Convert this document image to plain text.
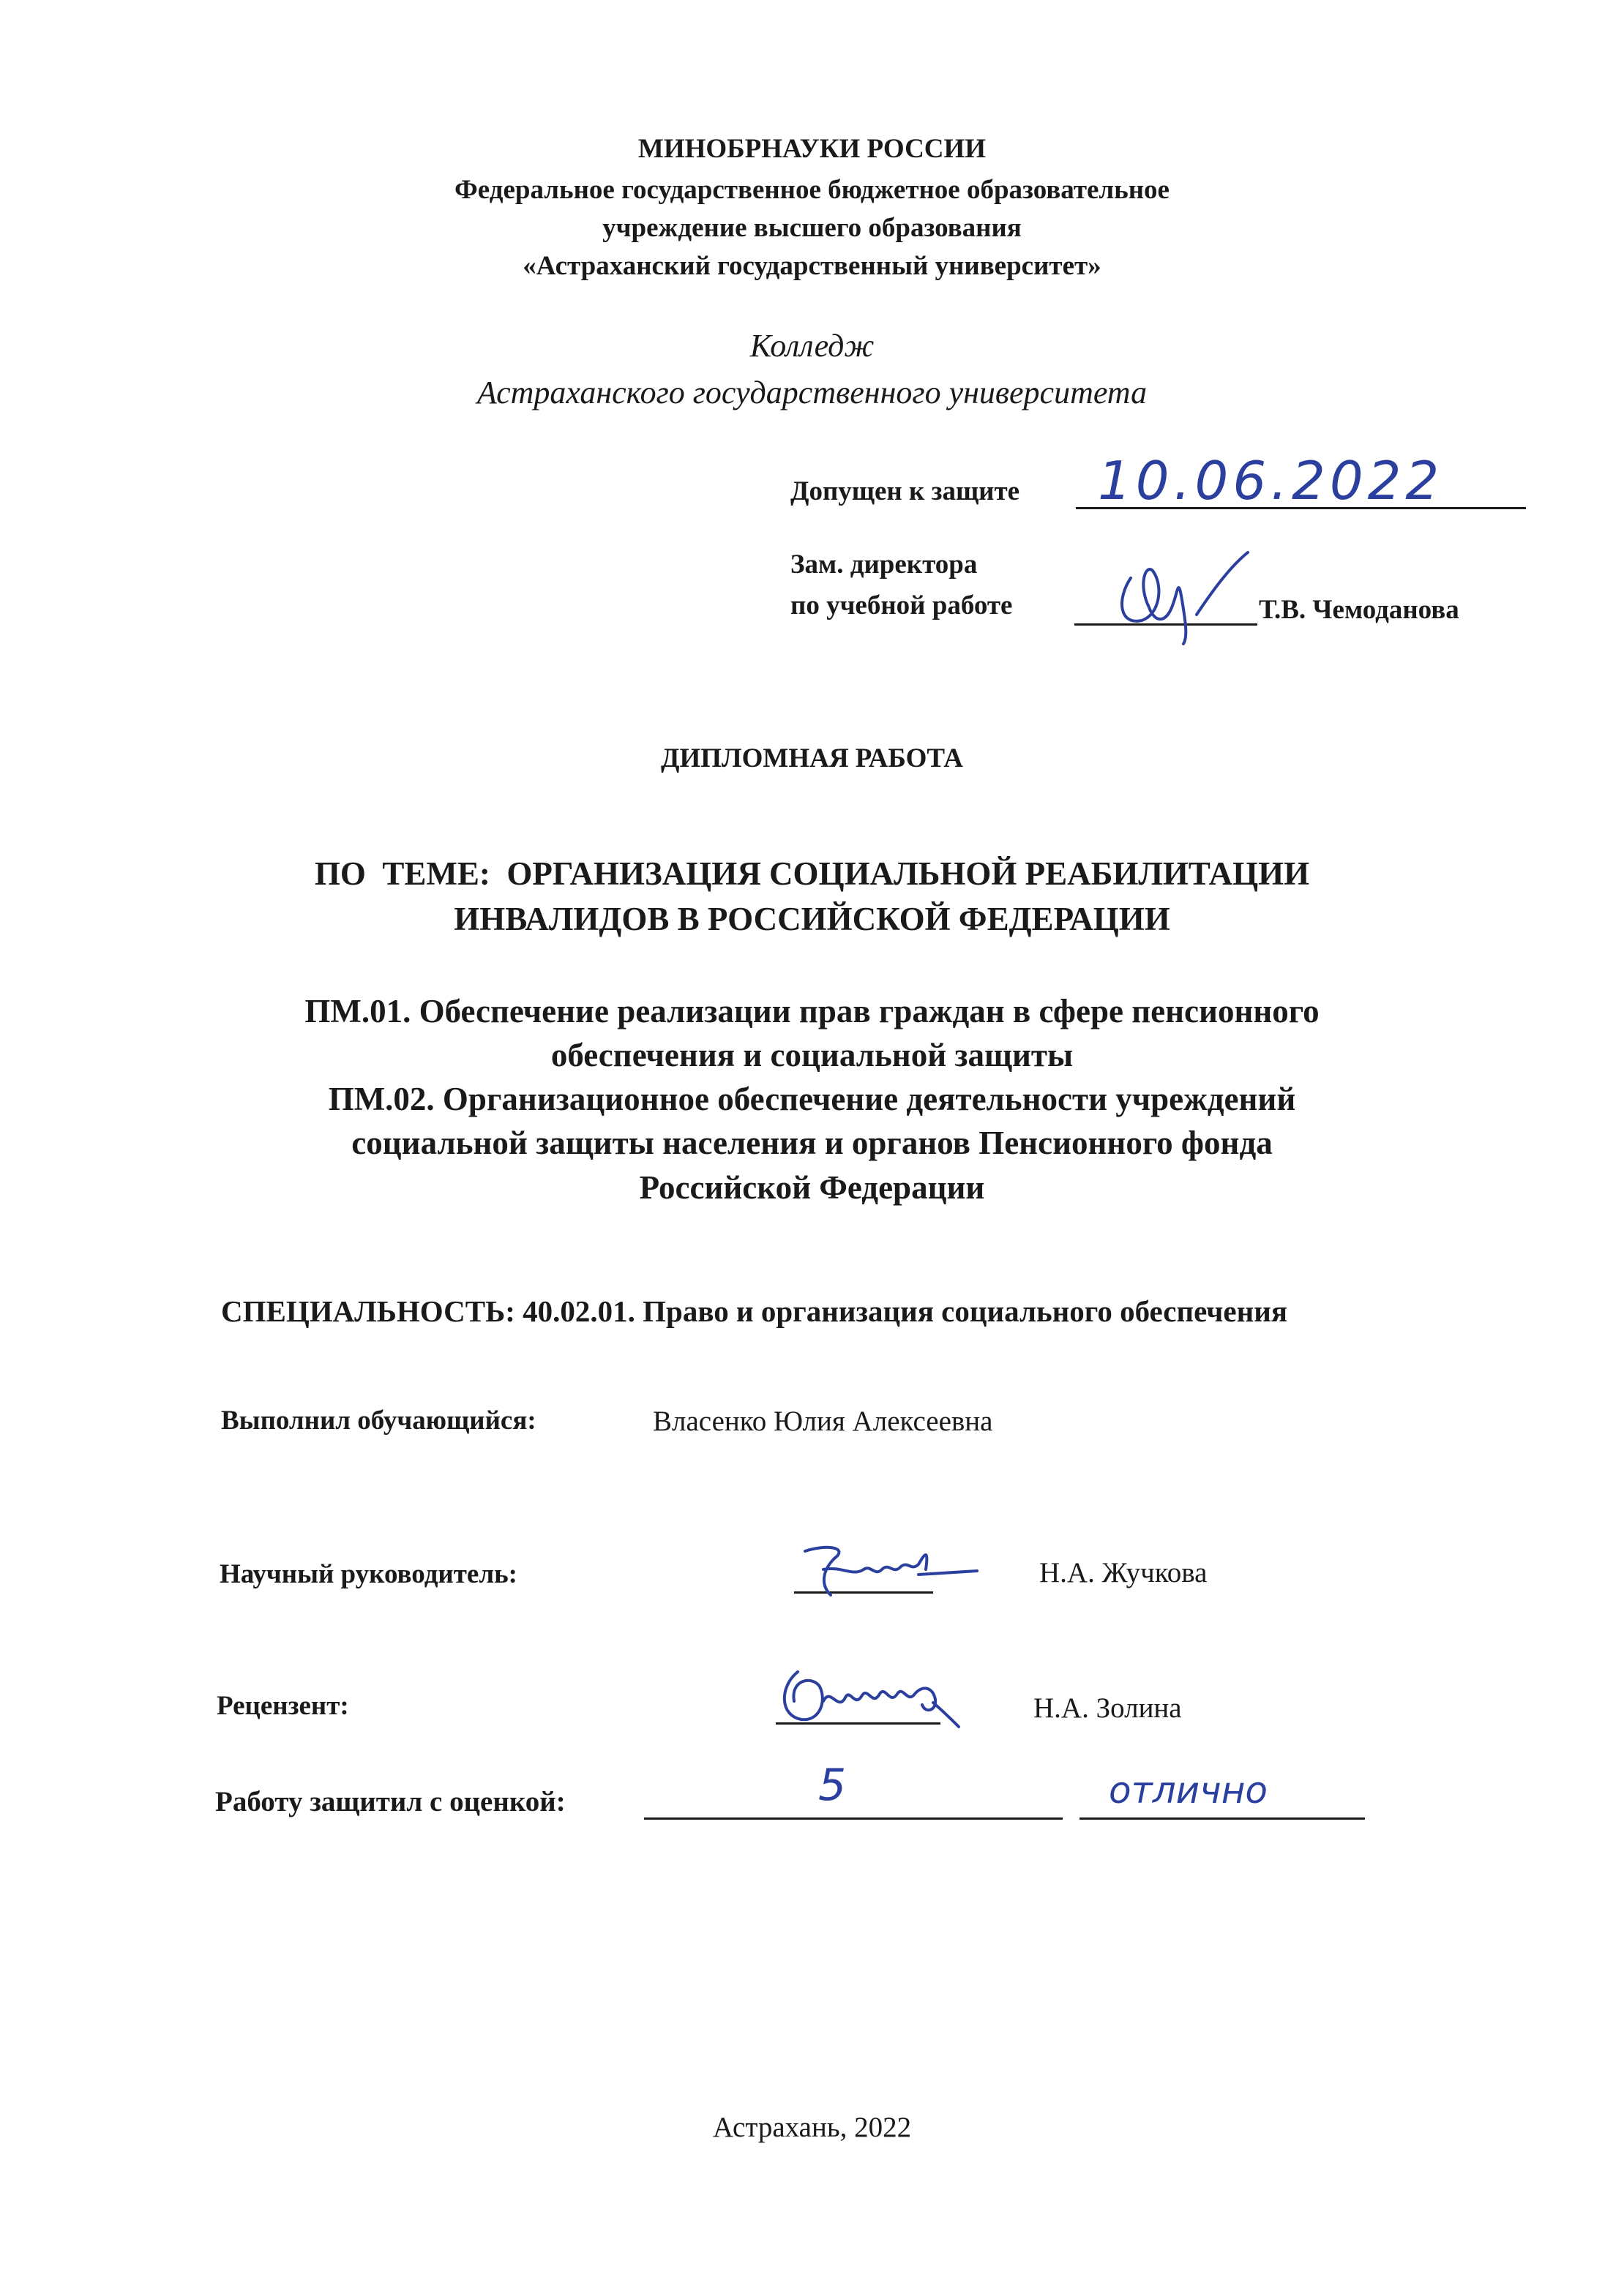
МИНОБРНАУКИ РОССИИ
Федеральное государственное бюджетное образовательное
учреждение высшего образования
«Астраханский государственный университет»
Колледж
Астраханского государственного университета
Допущен к защите 10.06.2022
Зам. директора
по учебной работе	Т.В. Чемоданова
ДИПЛОМНАЯ РАБОТА
ПО  ТЕМЕ:  ОРГАНИЗАЦИЯ СОЦИАЛЬНОЙ РЕАБИЛИТАЦИИ
ИНВАЛИДОВ В РОССИЙСКОЙ ФЕДЕРАЦИИ
ПМ.01. Обеспечение реализации прав граждан в сфере пенсионного
обеспечения и социальной защиты
ПМ.02. Организационное обеспечение деятельности учреждений
социальной защиты населения и органов Пенсионного фонда
Российской Федерации
СПЕЦИАЛЬНОСТЬ: 40.02.01. Право и организация социального обеспечения
Выполнил обучающийся:	Власенко Юлия Алексеевна
Научный руководитель:	Н.А. Жучкова
Рецензент:	Н.А. Золина
Работу защитил с оценкой:	5	отлично
Астрахань, 2022
